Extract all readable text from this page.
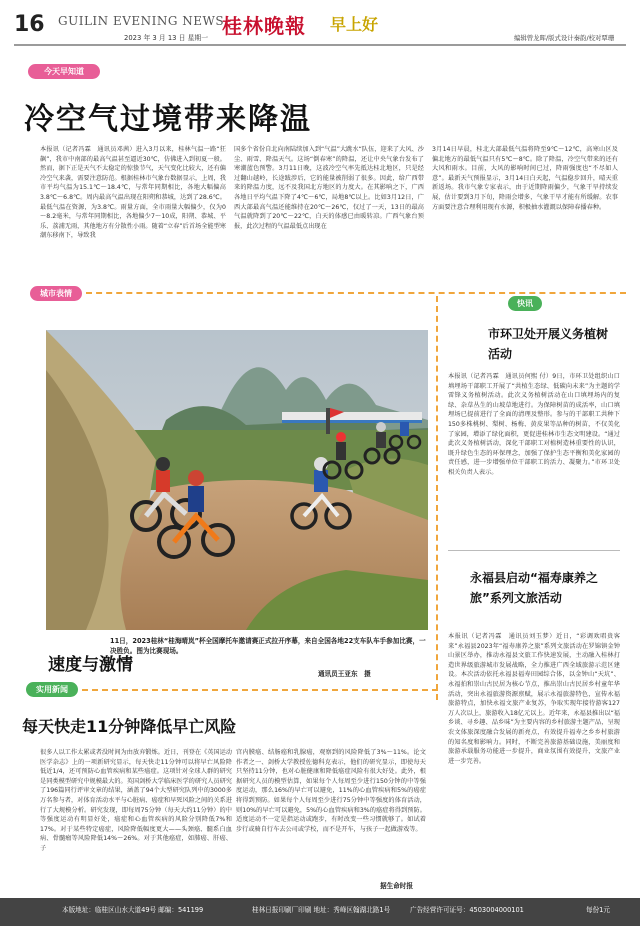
16 GUILIN EVENING NEWS
桂林晚報 早上好
2023 年 3 月 13 日 星期一	编辑曾龙晖/版式设计秦韵/校对覃珊
今天早知道
冷空气过境带来降温
本报讯（记者冯霖　通讯员邓茜）进入3月以来，桂林气温一路“狂飙”，我市中南部的最高气温甚至逼近30℃，仿佛进入到初夏一般。然而，据下正是天气不太稳定的惊蛰节气，天气变化比较大，还有偏冷空气来袭，需要注意防范。根据桂林市气象台数据显示，上周，我市平均气温为15.1℃～18.4℃，与常年同期相比，各地大幅偏高3.8℃～6.8℃。周内最高气温出现在阳朔和恭城，达到了28.6℃。最低气温在资源，为3.8℃。雨量方面，全市雨量大幅偏少，仅为0～8.2毫米，与常年同期相比，各地偏少7～10成，阳朔、恭城、平乐、荔浦无雨，其他地方有分散性小雨。随着“立春”后首场全能型寒潮东移南下，导致我
国多个省份自北向南陆续加入到“气温”大跳水“队伍，迎来了大风、沙尘、雨雪、降温天气。这场“倒春寒”的降温，还让中央气象台发布了寒潮蓝色预警。3月11日晚，这波冷空气率先抵达桂北地区，只是经过翻山越岭，长途跋涉后，它的能量被削弱了很多。因此，给广西带来的降温力度，远不及我国北方地区的力度大。在其影响之下，广西各地日平均气温下降了4℃～6℃，局地8℃以上。比如3月12日，广西大部最高气温还能维持在20℃～26℃，仅过了一天，13日的最高气温就降到了20℃～22℃，白天的体感已由暖转凉。广西气象台预报，此次过程的气温最低点出现在
3月14日早晨，桂北大部最低气温将降至9℃～12℃，高寒山区及偏北地方的最低气温只有5℃～8℃。除了降温，冷空气带来的还有大风和雨水。目前，大风的影响时间已过，降雨强度也“不尽如人意”。最新天气预报显示，3月14日白天起，气温稳步回升，晴天重新返场。我市气象专家表示，由于近期降雨偏少，气象干旱持续发展，估计要到3月下旬，降雨会增多，气象干旱才能有所缓解。农事方面要注意合理利用现有水源，积极抽水灌溉以保障春播春种。
城市表情
快讯
11日，2023桂林“桂海晴岚”杯全国摩托车邀请赛正式拉开序幕，来自全国各地22支车队车手参加比赛，一决胜负。图为比赛现场。
通讯员王亚东　摄
速度与激情
市环卫处开展义务植树活动
本报讯（记者冯霖　通讯员何熙 付）9日，市环卫处组织山口填埋场干部职工开展了“共植生态绿、低碳向未来”为主题的学雷锋义务植树活动。此次义务植树活动在山口填埋场内的复绿、杂草丛生的山坡草地进行。为保障树苗的成活率，山口填埋场已提前进行了全面的清理及整形。参与的干部职工共种下150多株桃树、梨树、杨梅、黄皮果等品种的树苗，不仅美化了家园，增添了绿化面积，更促进桂林市生态文明建设。“通过此次义务植树活动，深化干部职工对植树造林重要性的认识，既升绿色生态的环保理念，加强了保护生态平衡和美化家园的责任感，进一步增强单位干部职工的活力、凝聚力。”市环卫处相关负责人表示。
永福县启动“福寿康养之旅”系列文旅活动
本报讯（记者冯霖　通讯员刘玉梦）近日，“彩调欢唱贵客来”永福县2023年“福寿康养之旅”系列文旅活动在罗锦镇金钟山景区举办，推动永福县文旅工作快速发展，主动融入桂林打造世界级旅游城市发展战略，全力推进广西全域旅游示范区建设。本次活动依托永福县福寿田园综合体，以金钟山“天坑”、永福拍和崇山古民居为核心节点，推出崇山古民居乡村童年华活动，突出永福旅游资源禀赋，展示永福旅游特色，宣传永福旅游特点，加快永福文旅产业复苏，争取实现年接待游客127万人次以上，旅游收入18亿元以上。近年来，永福县推出以“福乡谈、寻乡趣、品乡味”为主要内容的乡村旅游主题产品，呈现农文体旅深度融合发展的新亮点，有效提升福寿之乡乡村旅游的知名度和影响力。同时，不断完善旅游基础设施，美丽度和旅游承载服务功能进一步提升，商业氛围有效提升，文旅产业进一步完善。
实用新闻
每天快走11分钟降低早亡风险
很多人以工作太累或者没时间为由放弃锻炼。近日，刊登在《英国运动医学杂志》上的一项新研究显示，每天快走11分钟可以将早亡风险降低近1/4，还可预防心血管疾病和某些癌症。这项针对全球人群的研究是同类模型研究中规模最大的。英国剑桥大学临床医学的研究人员研究了196篇同行评审文章的结果，涵盖了94个大型研究队列中的3000多万名参与者，对体育活动水平与心脏病、癌症和早死风险之间的关系进行了大规模分析。研究发现，即每周75分钟（每天大约11分钟）的中等强度运动有明显好处，癌症和心血管疾病的风险分别降低7%和17%。对于某些特定癌症，风险降低幅度更大——头颈癌、髓系白血病、骨髓瘤等风险降低14%～26%。对于其他癌症，如肺癌、肝癌、子
宫内膜癌、结肠癌和乳腺癌，观察到的风险降低了3%～11%。论文作者之一、剑桥大学教授佐德科克表示，他们的研究显示，即使每天只坚持11分钟，也对心脏健康和降低癌症风险有很大好处。此外，根据研究人员的模型估算，如果每个人每周至少进行150分钟的中等强度运动，那么16%的早亡可以避免，11%的心血管疾病和5%的癌症将得到预防。如果每个人每周至少进行75分钟中等强度的体育活动，则10%的早亡可以避免，5%的心血管疾病和3%的癌症将得到预防。适度运动不一定是指运动或跑步，有时改变一些习惯就够了。如试着步行或骑自行车去公司或学校，而不是开车，与孩子一起做游戏等。
据生命时报
本版地址：临桂区山水大道49号 邮编：541199	桂林日报印刷厂印刷 地址：秀峰区翰湖北路1号	广告经营许可证号：4503004000101	每份1元
